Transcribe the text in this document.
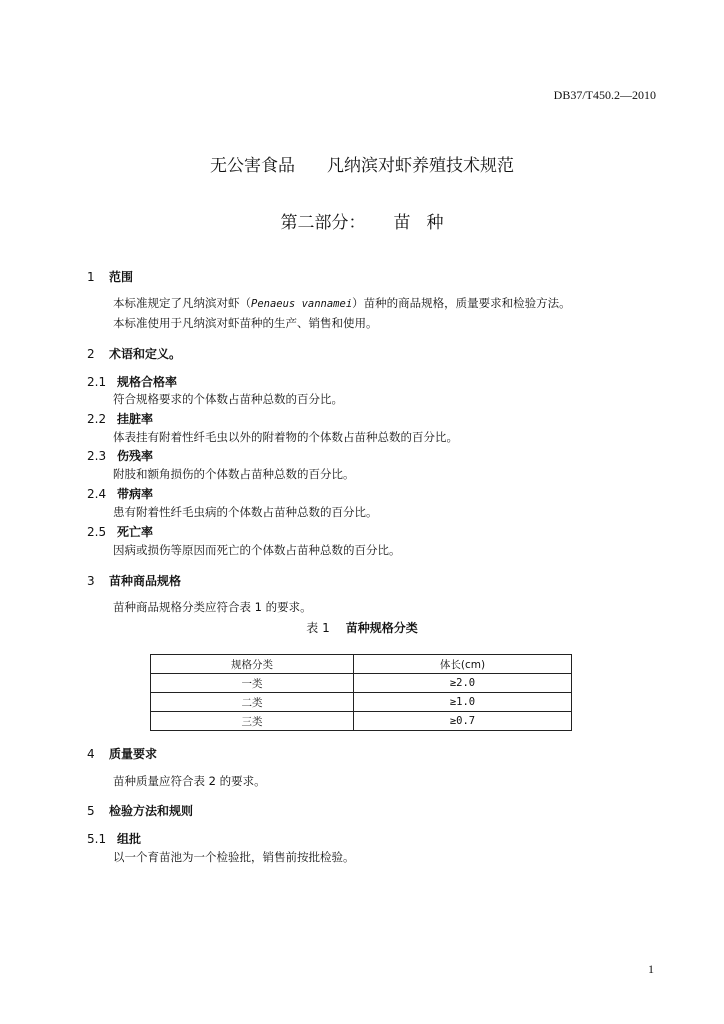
DB37/T450.2—2010
无公害食品 凡纳滨对虾养殖技术规范
第二部分： 苗 种
1 范围
本标准规定了凡纳滨对虾（Penaeus vannamei）苗种的商品规格，质量要求和检验方法。
本标准使用于凡纳滨对虾苗种的生产、销售和使用。
2 术语和定义。
2.1 规格合格率
符合规格要求的个体数占苗种总数的百分比。
2.2 挂脏率
体表挂有附着性纤毛虫以外的附着物的个体数占苗种总数的百分比。
2.3 伤残率
附肢和额角损伤的个体数占苗种总数的百分比。
2.4 带病率
患有附着性纤毛虫病的个体数占苗种总数的百分比。
2.5 死亡率
因病或损伤等原因而死亡的个体数占苗种总数的百分比。
3 苗种商品规格
苗种商品规格分类应符合表 1 的要求。
表 1 苗种规格分类
规格分类	体长(cm)
一类	≥2.0
二类	≥1.0
三类	≥0.7
4 质量要求
苗种质量应符合表 2 的要求。
5 检验方法和规则
5.1 组批
以一个育苗池为一个检验批，销售前按批检验。
1
